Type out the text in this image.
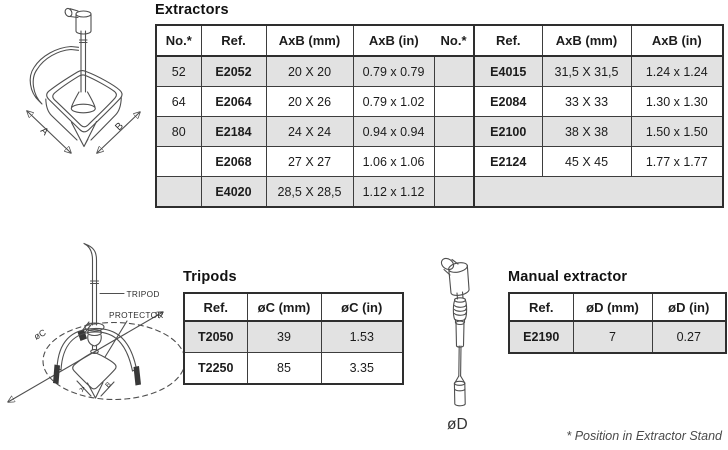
A	B
Extractors
No.*	Ref.	AxB (mm)	AxB (in)	No.*	Ref.	AxB (mm)	AxB (in)
52	E2052	20 X 20	0.79 x 0.79		E4015	31,5 X 31,5	1.24 x 1.24
64	E2064	20 X 26	0.79 x 1.02		E2084	33 X 33	1.30 x 1.30
80	E2184	24 X 24	0.94 x 0.94		E2100	38 X 38	1.50 x 1.50
	E2068	27 X 27	1.06 x 1.06		E2124	45 X 45	1.77 x 1.77
	E4020	28,5 X 28,5	1.12 x 1.12				
øC
A
B
TRIPOD
PROTECTOR
Tripods
Ref.	øC (mm)	øC (in)
T2050	39	1.53
T2250	85	3.35
øD
Manual extractor
Ref.	øD (mm)	øD (in)
E2190	7	0.27
* Position in Extractor Stand
